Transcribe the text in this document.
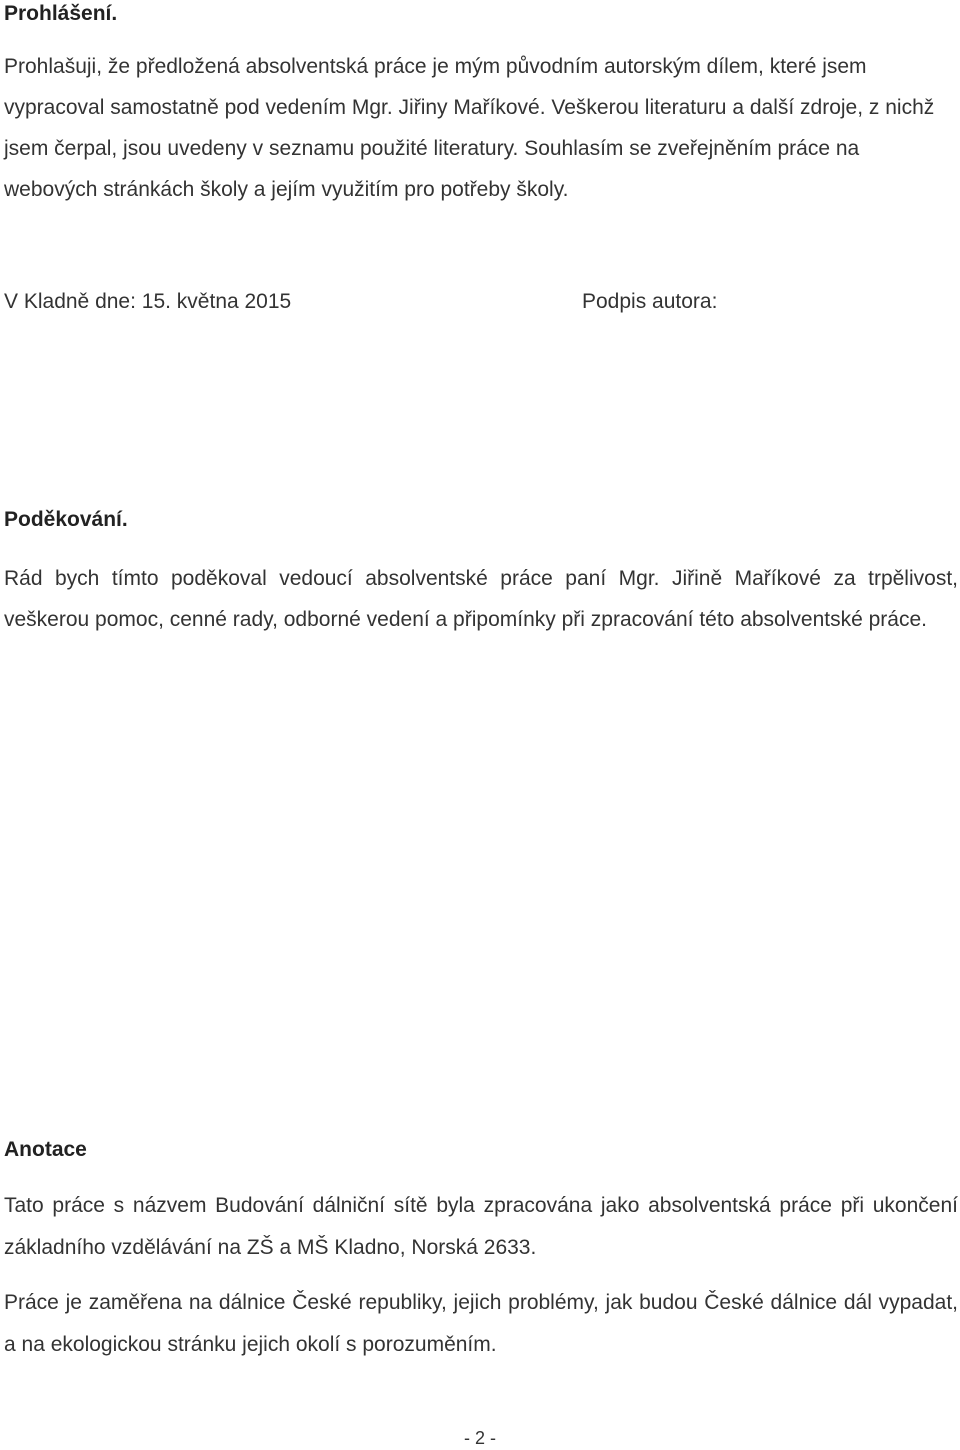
Prohlášení.

Prohlašuji, že předložená absolventská práce je mým původním autorským dílem, které jsem vypracoval samostatně pod vedením Mgr. Jiřiny Maříkové. Veškerou literaturu a další zdroje, z nichž jsem čerpal, jsou uvedeny v seznamu použité literatury. Souhlasím se zveřejněním práce na webových stránkách školy a jejím využitím pro potřeby školy.

V Kladně dne: 15. května 2015	Podpis autora:
Poděkování.

Rád bych tímto poděkoval vedoucí absolventské práce paní Mgr. Jiřině Maříkové za trpělivost, veškerou pomoc, cenné rady, odborné vedení a připomínky při zpracování této absolventské práce.

Anotace

Tato práce s názvem Budování dálniční sítě byla zpracována jako absolventská práce při ukončení základního vzdělávání na ZŠ a MŠ Kladno, Norská 2633.

Práce je zaměřena na dálnice České republiky, jejich problémy, jak budou České dálnice dál vypadat, a na ekologickou stránku jejich okolí s porozuměním.

- 2 -
